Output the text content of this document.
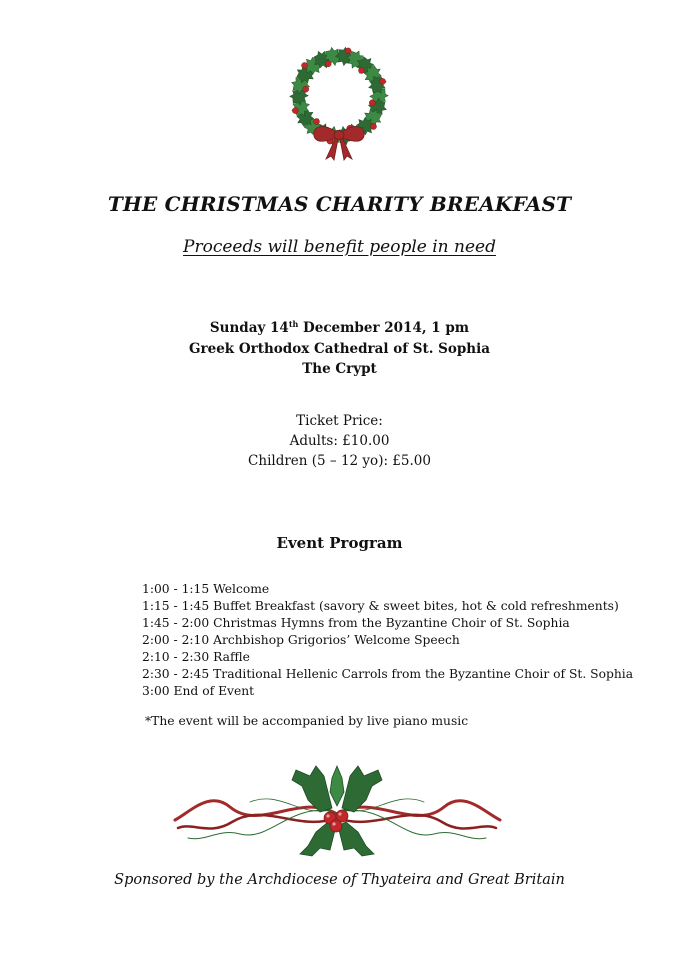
THE CHRISTMAS CHARITY BREAKFAST
Proceeds will benefit people in need
Sunday 14th December 2014, 1 pm
Greek Orthodox Cathedral of St. Sophia
The Crypt
Ticket Price:
Adults: £10.00
Children (5 – 12 yo): £5.00
Event Program
1:00 - 1:15 Welcome
1:15 - 1:45 Buffet Breakfast (savory & sweet bites, hot & cold refreshments)
1:45 - 2:00 Christmas Hymns from the Byzantine Choir of St. Sophia
2:00 - 2:10 Archbishop Grigorios’ Welcome Speech
2:10 - 2:30 Raffle
2:30 - 2:45 Traditional Hellenic Carrols from the Byzantine Choir of St. Sophia
3:00 End of Event
*The event will be accompanied by live piano music
Sponsored by the Archdiocese of Thyateira and Great Britain
